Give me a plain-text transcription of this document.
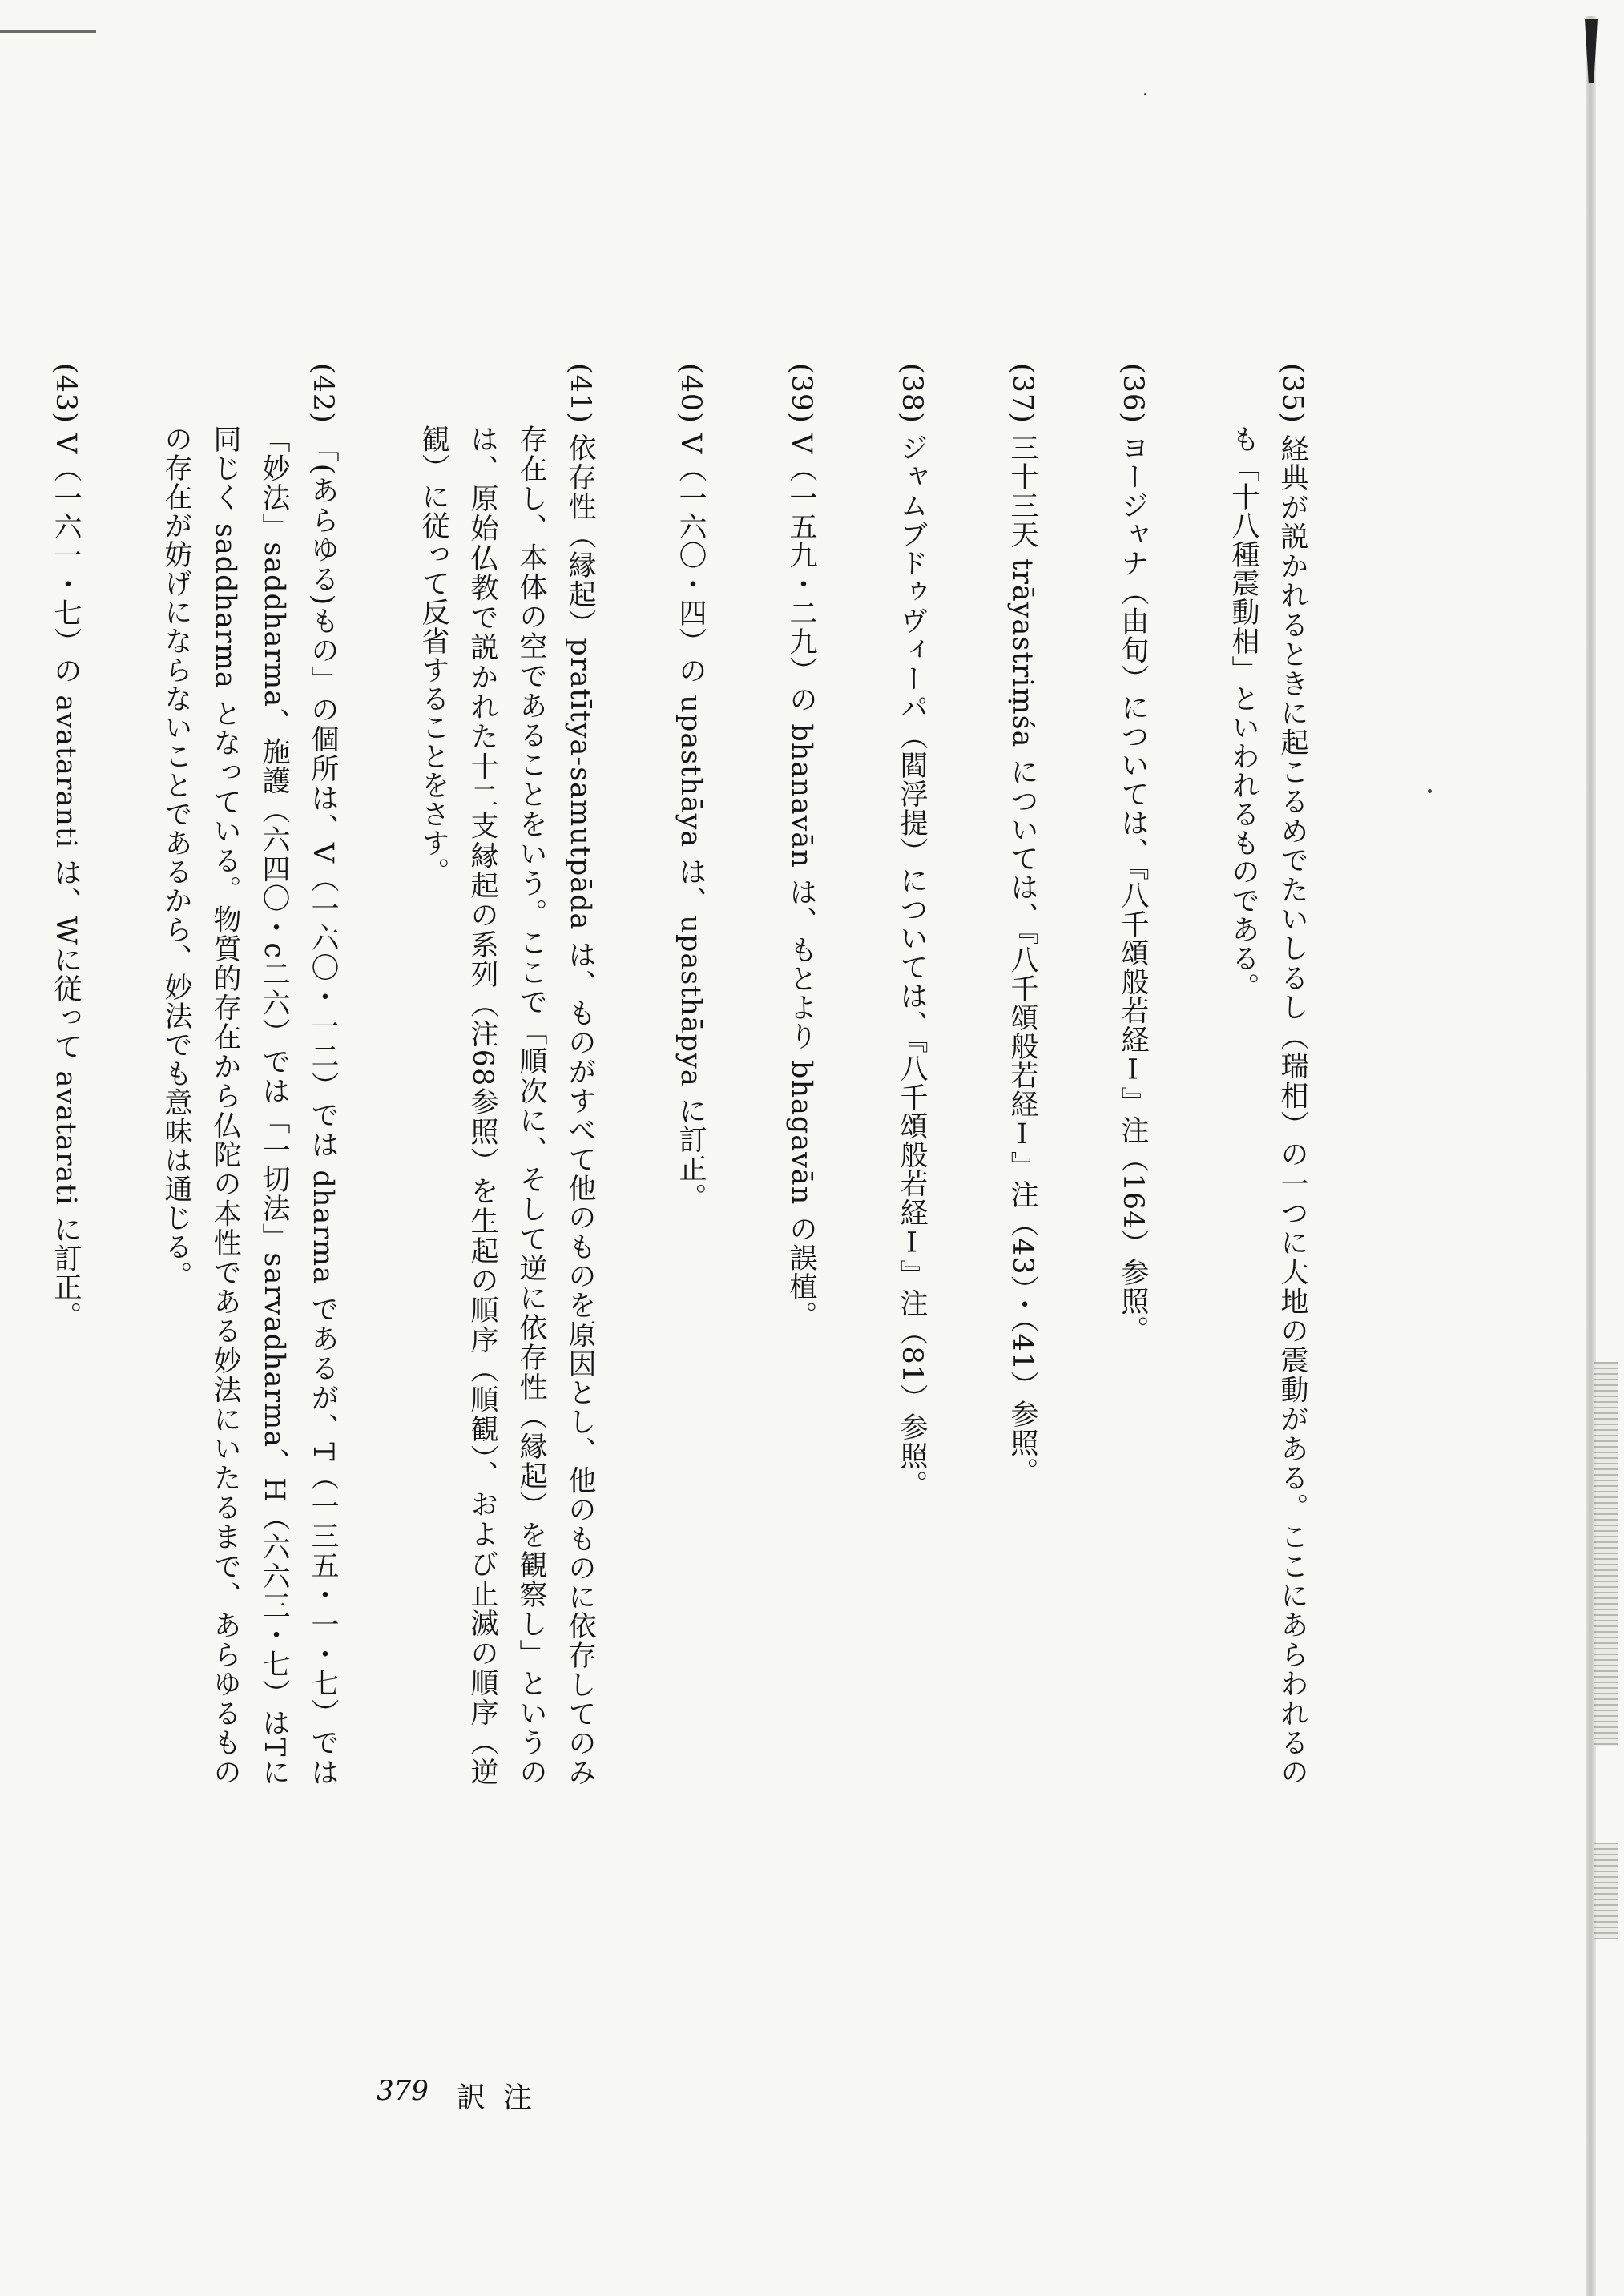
(35) 経典が説かれるときに起こるめでたいしるし（瑞相）の一つに大地の震動がある。ここにあらわれるのも「十八種震動相」といわれるものである。

(36) ヨージャナ（由旬）については、『八千頌般若経Ⅰ』注（164）参照。

(37) 三十三天 trāyastriṃśa については、『八千頌般若経Ⅰ』注（43）・（41）参照。

(38) ジャムブドゥヴィーパ（閻浮提）については、『八千頌般若経Ⅰ』注（81）参照。

(39) V（一五九・二九）の bhanavān は、もとより bhagavān の誤植。

(40) V（一六〇・四）の upasthāya は、upasthāpya に訂正。

(41) 依存性（縁起）pratītya-samutpāda は、ものがすべて他のものを原因とし、他のものに依存してのみ存在し、本体の空であることをいう。ここで「順次に、そして逆に依存性（縁起）を観察し」というのは、原始仏教で説かれた十二支縁起の系列（注68参照）を生起の順序（順観）、および止滅の順序（逆観）に従って反省することをさす。

(42) 「(あらゆる)もの」の個所は、V（一六〇・一二）では dharma であるが、T（一三五・一・七）では「妙法」saddharma、施護（六四〇・c二六）では「一切法」sarvadharma、H（六六三・七）はTに同じく saddharma となっている。物質的存在から仏陀の本性である妙法にいたるまで、あらゆるものの存在が妨げにならないことであるから、妙法でも意味は通じる。

(43) V（一六一・七）の avataranti は、Wに従って avatarati に訂正。

379 訳注
